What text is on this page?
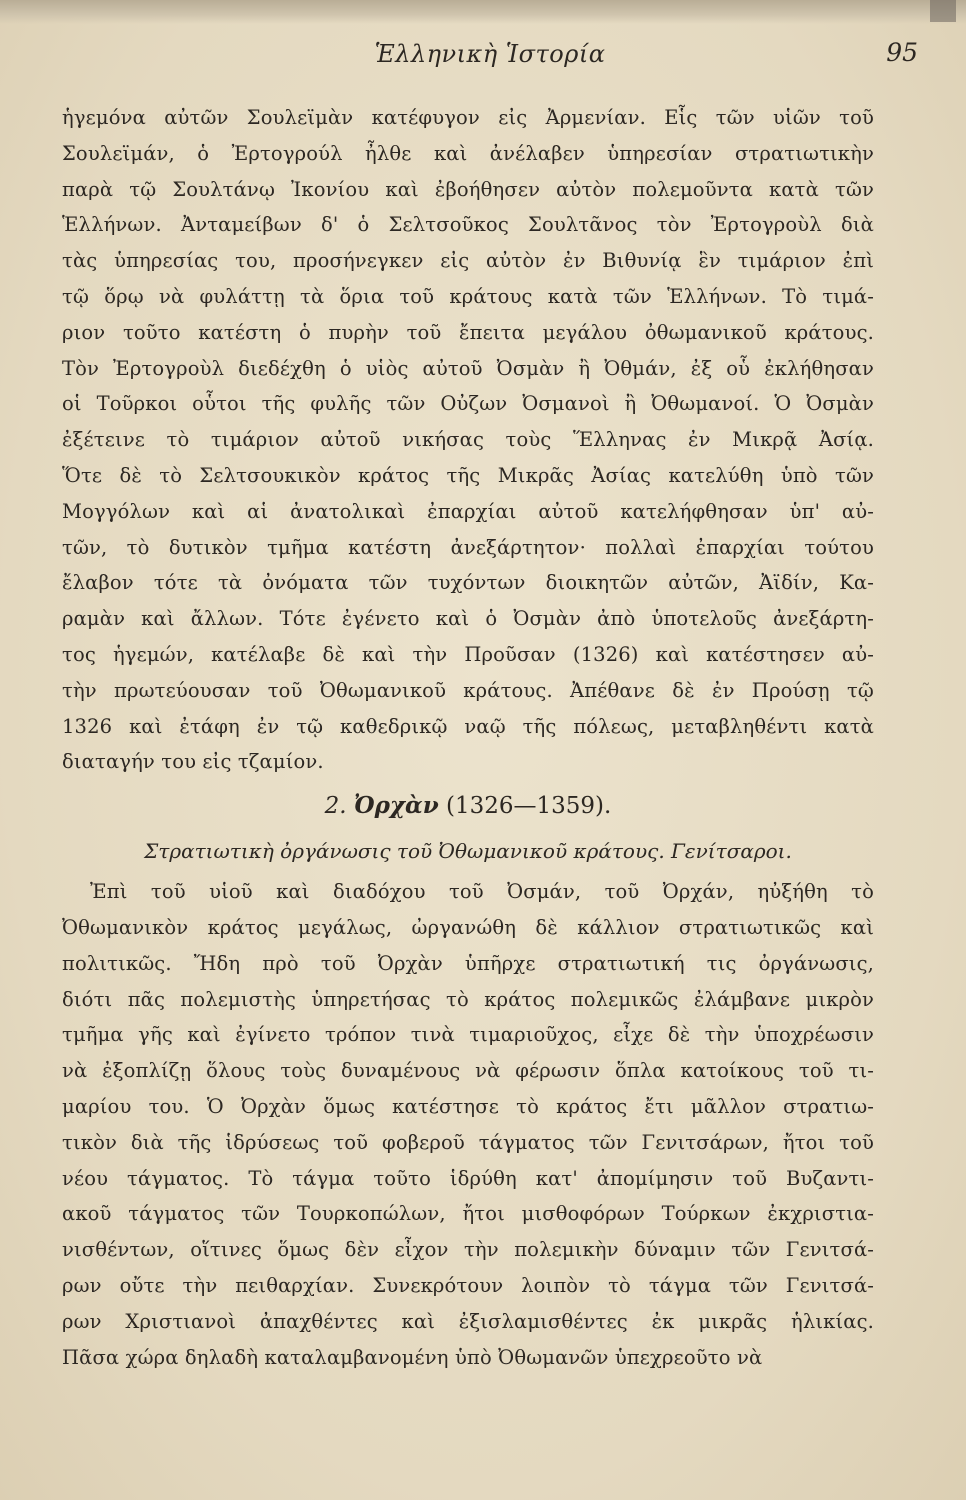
Ἑλληνικὴ Ἱστορία	95
ἡγεμόνα αὐτῶν Σουλεϊμὰν κατέφυγον εἰς Ἀρμενίαν. Εἷς τῶν υἱῶν τοῦ
Σουλεϊμάν, ὁ Ἐρτογρούλ ἦλθε καὶ ἀνέλαβεν ὑπηρεσίαν στρατιωτικὴν
παρὰ τῷ Σουλτάνῳ Ἰκονίου καὶ ἐβοήθησεν αὐτὸν πολεμοῦντα κατὰ τῶν
Ἑλλήνων. Ἀνταμείβων δ' ὁ Σελτσοῦκος Σουλτᾶνος τὸν Ἐρτογροὺλ διὰ
τὰς ὑπηρεσίας του, προσήνεγκεν εἰς αὐτὸν ἐν Βιθυνίᾳ ἓν τιμάριον ἐπὶ
τῷ ὅρῳ νὰ φυλάττῃ τὰ ὅρια τοῦ κράτους κατὰ τῶν Ἑλλήνων. Τὸ τιμά-
ριον τοῦτο κατέστη ὁ πυρὴν τοῦ ἔπειτα μεγάλου ὀθωμανικοῦ κράτους.
Τὸν Ἐρτογροὺλ διεδέχθη ὁ υἱὸς αὐτοῦ Ὀσμὰν ἢ Ὀθμάν, ἐξ οὗ ἐκλήθησαν
οἱ Τοῦρκοι οὗτοι τῆς φυλῆς τῶν Οὐζων Ὀσμανοὶ ἢ Ὀθωμανοί. Ὁ Ὀσμὰν
ἐξέτεινε τὸ τιμάριον αὐτοῦ νικήσας τοὺς Ἕλληνας ἐν Μικρᾷ Ἀσίᾳ.
Ὅτε δὲ τὸ Σελτσουκικὸν κράτος τῆς Μικρᾶς Ἀσίας κατελύθη ὑπὸ τῶν
Μογγόλων καὶ αἱ ἀνατολικαὶ ἐπαρχίαι αὐτοῦ κατελήφθησαν ὑπ' αὐ-
τῶν, τὸ δυτικὸν τμῆμα κατέστη ἀνεξάρτητον· πολλαὶ ἐπαρχίαι τούτου
ἔλαβον τότε τὰ ὀνόματα τῶν τυχόντων διοικητῶν αὐτῶν, Ἀϊδίν, Κα-
ραμὰν καὶ ἄλλων. Τότε ἐγένετο καὶ ὁ Ὀσμὰν ἀπὸ ὑποτελοῦς ἀνεξάρτη-
τος ἡγεμών, κατέλαβε δὲ καὶ τὴν Προῦσαν (1326) καὶ κατέστησεν αὐ-
τὴν πρωτεύουσαν τοῦ Ὀθωμανικοῦ κράτους. Ἀπέθανε δὲ ἐν Προύσῃ τῷ
1326 καὶ ἐτάφη ἐν τῷ καθεδρικῷ ναῷ τῆς πόλεως, μεταβληθέντι κατὰ
διαταγήν του εἰς τζαμίον.
2. Ὀρχὰν (1326—1359).
Στρατιωτικὴ ὀργάνωσις τοῦ Ὀθωμανικοῦ κράτους. Γενίτσαροι.
Ἐπὶ τοῦ υἱοῦ καὶ διαδόχου τοῦ Ὀσμάν, τοῦ Ὀρχάν, ηὐξήθη τὸ
Ὀθωμανικὸν κράτος μεγάλως, ὠργανώθη δὲ κάλλιον στρατιωτικῶς καὶ
πολιτικῶς. Ἤδη πρὸ τοῦ Ὀρχὰν ὑπῆρχε στρατιωτική τις ὀργάνωσις,
διότι πᾶς πολεμιστὴς ὑπηρετήσας τὸ κράτος πολεμικῶς ἐλάμβανε μικρὸν
τμῆμα γῆς καὶ ἐγίνετο τρόπον τινὰ τιμαριοῦχος, εἶχε δὲ τὴν ὑποχρέωσιν
νὰ ἐξοπλίζῃ ὅλους τοὺς δυναμένους νὰ φέρωσιν ὅπλα κατοίκους τοῦ τι-
μαρίου του. Ὁ Ὀρχὰν ὅμως κατέστησε τὸ κράτος ἔτι μᾶλλον στρατιω-
τικὸν διὰ τῆς ἱδρύσεως τοῦ φοβεροῦ τάγματος τῶν Γενιτσάρων, ἤτοι τοῦ
νέου τάγματος. Τὸ τάγμα τοῦτο ἱδρύθη κατ' ἀπομίμησιν τοῦ Βυζαντι-
ακοῦ τάγματος τῶν Τουρκοπώλων, ἤτοι μισθοφόρων Τούρκων ἐκχριστια-
νισθέντων, οἵτινες ὅμως δὲν εἶχον τὴν πολεμικὴν δύναμιν τῶν Γενιτσά-
ρων οὔτε τὴν πειθαρχίαν. Συνεκρότουν λοιπὸν τὸ τάγμα τῶν Γενιτσά-
ρων Χριστιανοὶ ἀπαχθέντες καὶ ἐξισλαμισθέντες ἐκ μικρᾶς ἡλικίας.
Πᾶσα χώρα δηλαδὴ καταλαμβανομένη ὑπὸ Ὀθωμανῶν ὑπεχρεοῦτο νὰ
